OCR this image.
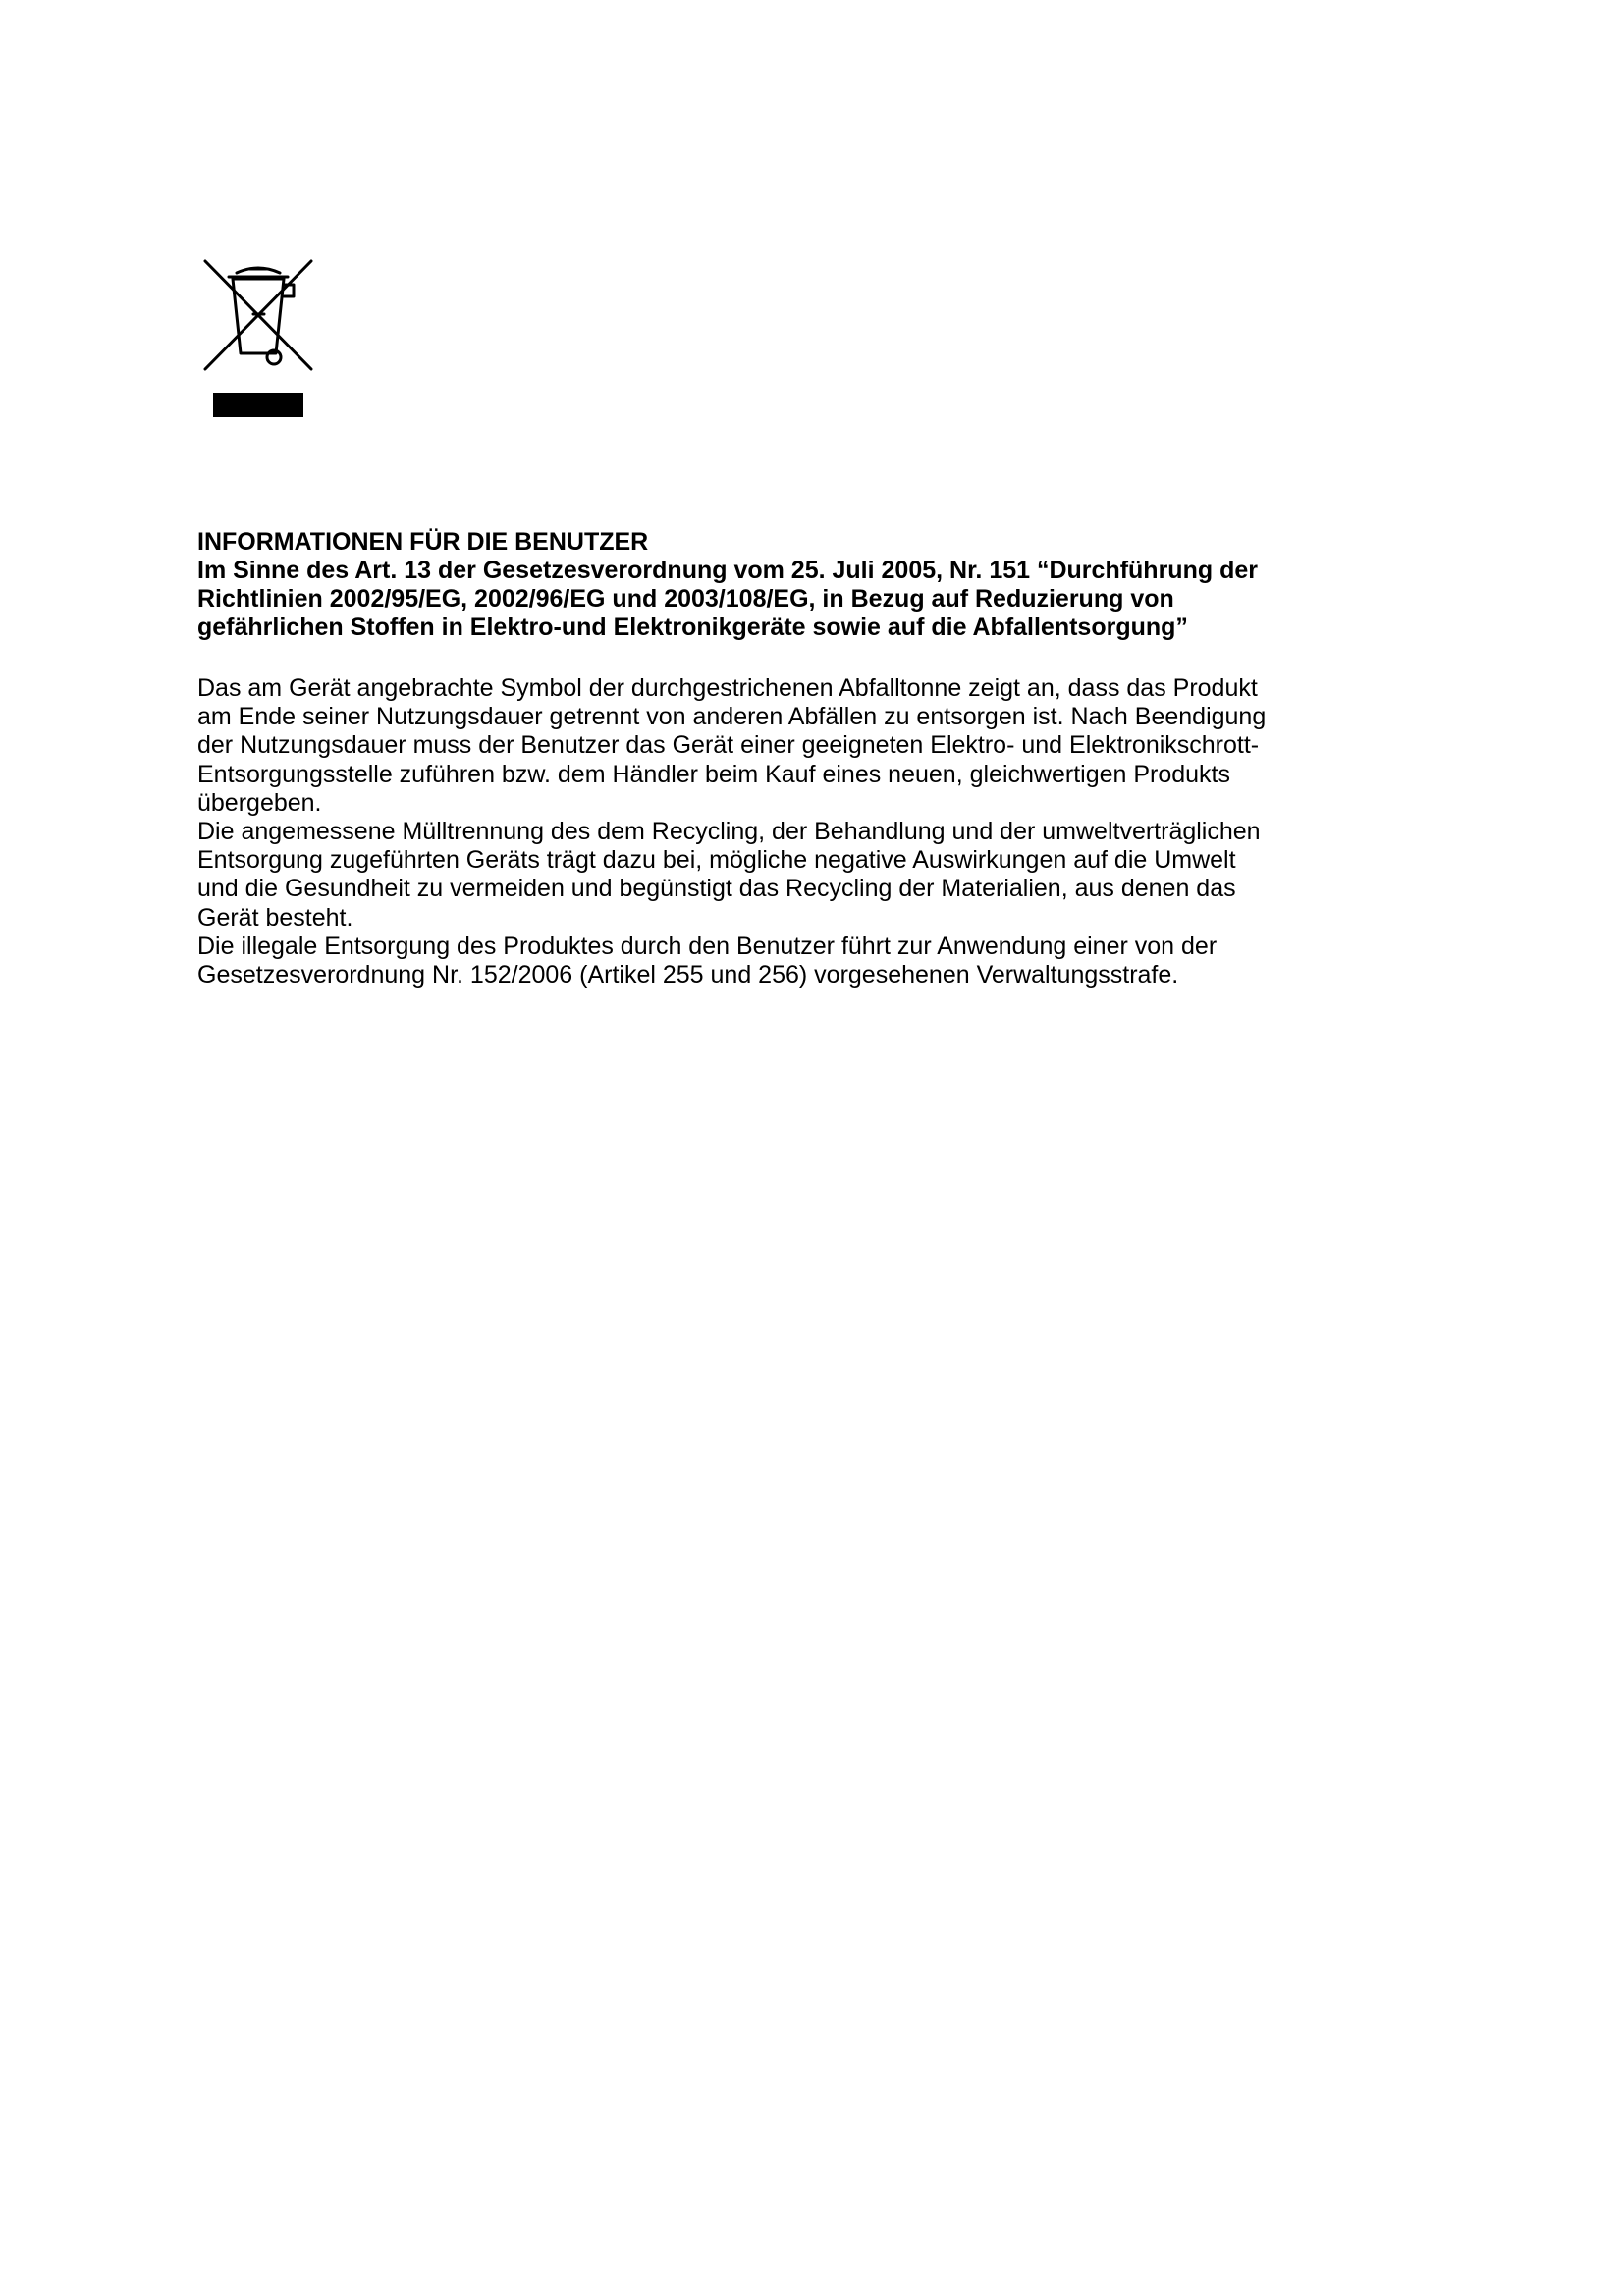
INFORMATIONEN FÜR DIE BENUTZER
Im Sinne des Art. 13 der Gesetzesverordnung vom 25. Juli 2005, Nr. 151 “Durchführung der
Richtlinien 2002/95/EG, 2002/96/EG und 2003/108/EG, in Bezug auf Reduzierung von
gefährlichen Stoffen in Elektro-und Elektronikgeräte sowie auf die Abfallentsorgung”
Das am Gerät angebrachte Symbol der durchgestrichenen Abfalltonne zeigt an, dass das Produkt
am Ende seiner Nutzungsdauer getrennt von anderen Abfällen zu entsorgen ist. Nach Beendigung
der Nutzungsdauer muss der Benutzer das Gerät einer geeigneten Elektro- und Elektronikschrott-
Entsorgungsstelle zuführen bzw. dem Händler beim Kauf eines neuen, gleichwertigen Produkts
übergeben.
Die angemessene Mülltrennung des dem Recycling, der Behandlung und der umweltverträglichen
Entsorgung zugeführten Geräts trägt dazu bei, mögliche negative Auswirkungen auf die Umwelt
und die Gesundheit zu vermeiden und begünstigt das Recycling der Materialien, aus denen das
Gerät besteht.
Die illegale Entsorgung des Produktes durch den Benutzer führt zur Anwendung einer von der
Gesetzesverordnung Nr. 152/2006 (Artikel 255 und 256) vorgesehenen Verwaltungsstrafe.
